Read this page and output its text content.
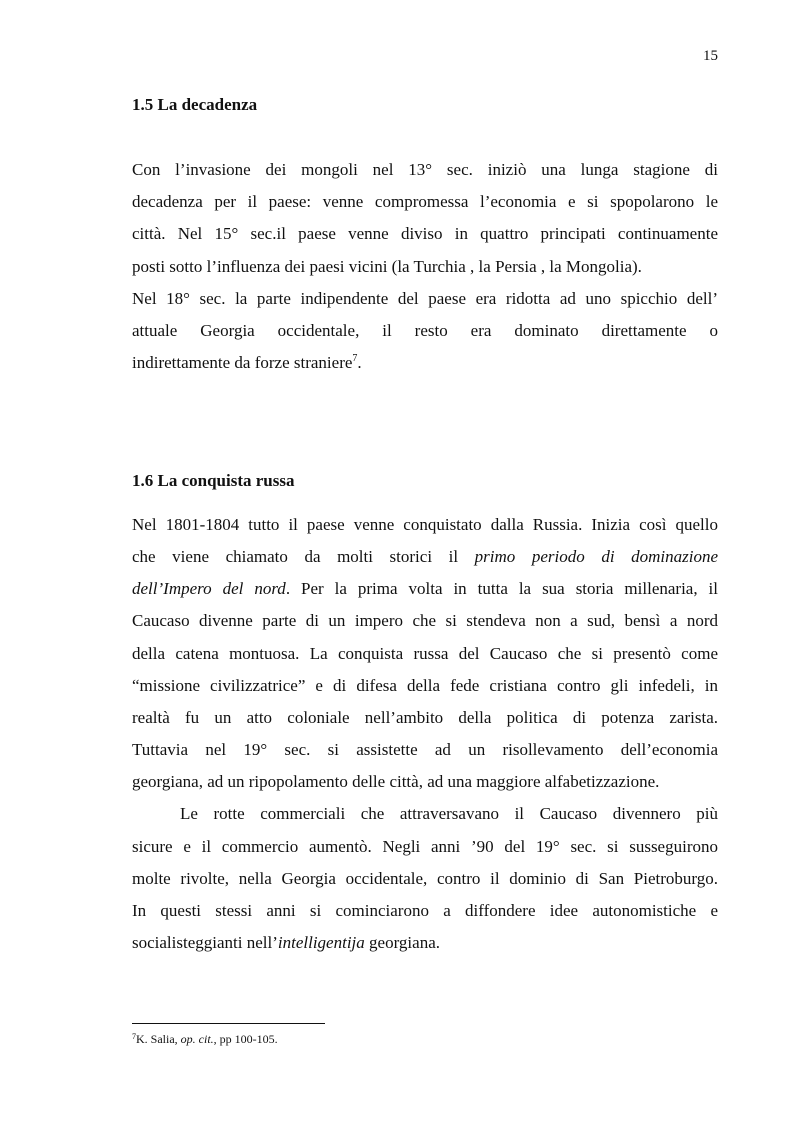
15
1.5 La decadenza
Con l’invasione dei mongoli nel 13° sec. iniziò una lunga stagione di
decadenza per il paese: venne compromessa l’economia e si spopolarono le
città. Nel 15° sec.il paese venne diviso in quattro principati continuamente
posti sotto l’influenza dei paesi vicini (la Turchia , la Persia , la Mongolia).
Nel 18° sec. la parte indipendente del paese era ridotta ad uno spicchio dell’
attuale Georgia occidentale, il resto era dominato direttamente o
indirettamente da forze straniere$^7$.
1.6 La conquista russa
Nel 1801-1804 tutto il paese venne conquistato dalla Russia. Inizia così quello
che viene chiamato da molti storici il primo periodo di dominazione
dell’Impero del nord. Per la prima volta in tutta la sua storia millenaria, il
Caucaso divenne parte di un impero che si stendeva non a sud, bensì a nord
della catena montuosa. La conquista russa del Caucaso che si presentò come
“missione civilizzatrice” e di difesa della fede cristiana contro gli infedeli, in
realtà fu un atto coloniale nell’ambito della politica di potenza zarista.
Tuttavia nel 19° sec. si assistette ad un risollevamento dell’economia
georgiana, ad un ripopolamento delle città, ad una maggiore alfabetizzazione.
Le rotte commerciali che attraversavano il Caucaso divennero più
sicure e il commercio aumentò. Negli anni ’90 del 19° sec. si susseguirono
molte rivolte, nella Georgia occidentale, contro il dominio di San Pietroburgo.
In questi stessi anni si cominciarono a diffondere idee autonomistiche e
socialisteggianti nell’intelligentija georgiana.
$^7$K. Salia, op. cit., pp 100-105.
